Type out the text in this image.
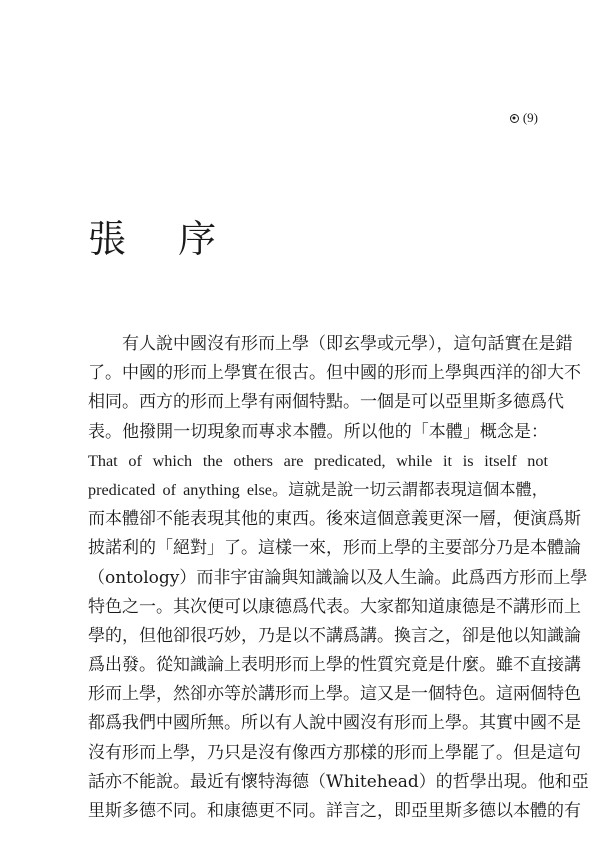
(9)
張 序
有人說中國沒有形而上學（即玄學或元學），這句話實在是錯
了。中國的形而上學實在很古。但中國的形而上學與西洋的卻大不
相同。西方的形而上學有兩個特點。一個是可以亞里斯多德爲代
表。他撥開一切現象而專求本體。所以他的「本體」概念是：
That of which the others are predicated, while it is itself not
predicated of anything else。這就是說一切云謂都表現這個本體，
而本體卻不能表現其他的東西。後來這個意義更深一層，便演爲斯
披諾利的「絕對」了。這樣一來，形而上學的主要部分乃是本體論
（ontology）而非宇宙論與知識論以及人生論。此爲西方形而上學
特色之一。其次便可以康德爲代表。大家都知道康德是不講形而上
學的，但他卻很巧妙，乃是以不講爲講。換言之，卻是他以知識論
爲出發。從知識論上表明形而上學的性質究竟是什麼。雖不直接講
形而上學，然卻亦等於講形而上學。這又是一個特色。這兩個特色
都爲我們中國所無。所以有人說中國沒有形而上學。其實中國不是
沒有形而上學，乃只是沒有像西方那樣的形而上學罷了。但是這句
話亦不能說。最近有懷特海德（Whitehead）的哲學出現。他和亞
里斯多德不同。和康德更不同。詳言之，即亞里斯多德以本體的有
